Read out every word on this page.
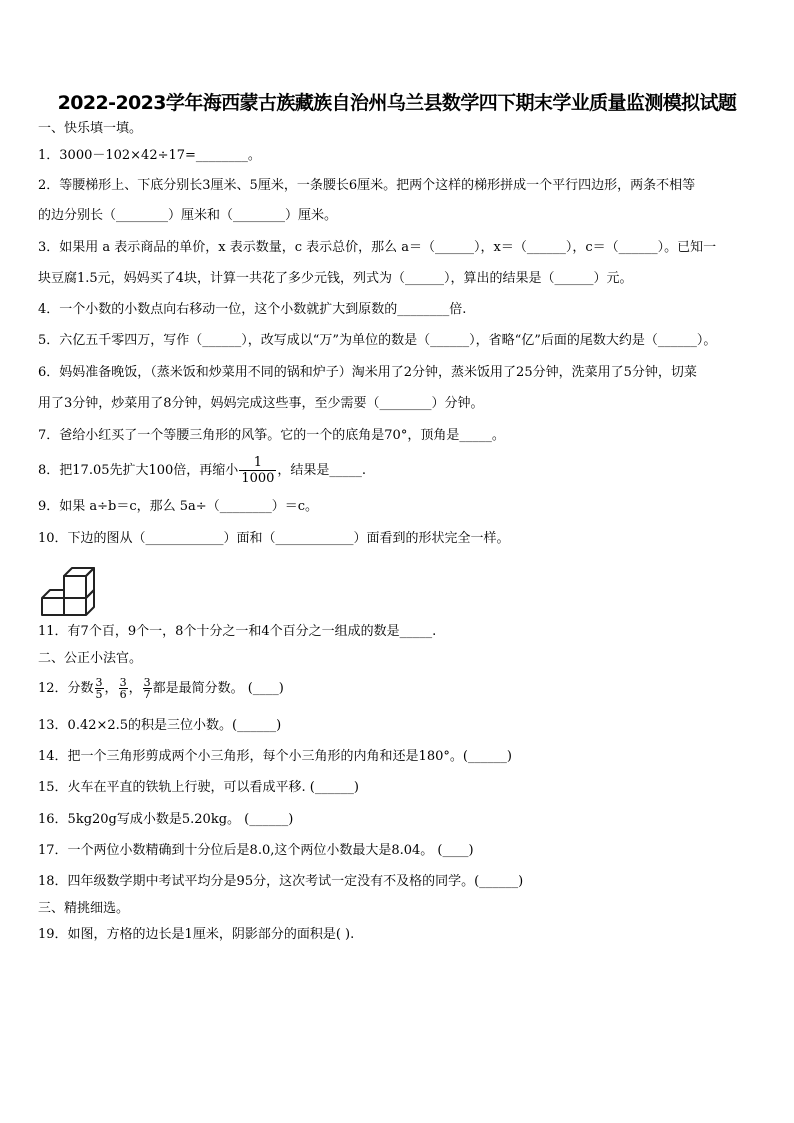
2022-2023学年海西蒙古族藏族自治州乌兰县数学四下期末学业质量监测模拟试题
一、快乐填一填。
1．3000－102×42÷17=________。
2．等腰梯形上、下底分别长3厘米、5厘米，一条腰长6厘米。把两个这样的梯形拼成一个平行四边形，两条不相等
的边分别长（________）厘米和（________）厘米。
3．如果用 a 表示商品的单价，x 表示数量，c 表示总价，那么 a＝（______），x＝（______），c＝（______）。已知一
块豆腐1.5元，妈妈买了4块，计算一共花了多少元钱，列式为（______），算出的结果是（______）元。
4．一个小数的小数点向右移动一位，这个小数就扩大到原数的________倍.
5．六亿五千零四万，写作（______），改写成以“万”为单位的数是（______），省略“亿”后面的尾数大约是（______）。
6．妈妈准备晚饭，（蒸米饭和炒菜用不同的锅和炉子）淘米用了2分钟，蒸米饭用了25分钟，洗菜用了5分钟，切菜
用了3分钟，炒菜用了8分钟，妈妈完成这些事，至少需要（________）分钟。
7．爸给小红买了一个等腰三角形的风筝。它的一个的底角是70°，顶角是_____。
8．把17.05先扩大100倍，再缩小 $\frac{1}{1000}$ ，结果是_____.
9．如果 a÷b＝c，那么 5a÷（________）＝c。
10．下边的图从（____________）面和（____________）面看到的形状完全一样。
11．有7个百，9个一，8个十分之一和4个百分之一组成的数是_____.
二、公正小法官。
12．分数 $\frac{3}{5}$ ， $\frac{3}{6}$ ， $\frac{3}{7}$ 都是最简分数。 (____)
13．0.42×2.5的积是三位小数。(______)
14．把一个三角形剪成两个小三角形，每个小三角形的内角和还是180°。(______)
15．火车在平直的铁轨上行驶，可以看成平移. (______)
16．5kg20g写成小数是5.20kg。 (______)
17．一个两位小数精确到十分位后是8.0,这个两位小数最大是8.04。 (____)
18．四年级数学期中考试平均分是95分，这次考试一定没有不及格的同学。(______)
三、精挑细选。
19．如图，方格的边长是1厘米，阴影部分的面积是( ).
